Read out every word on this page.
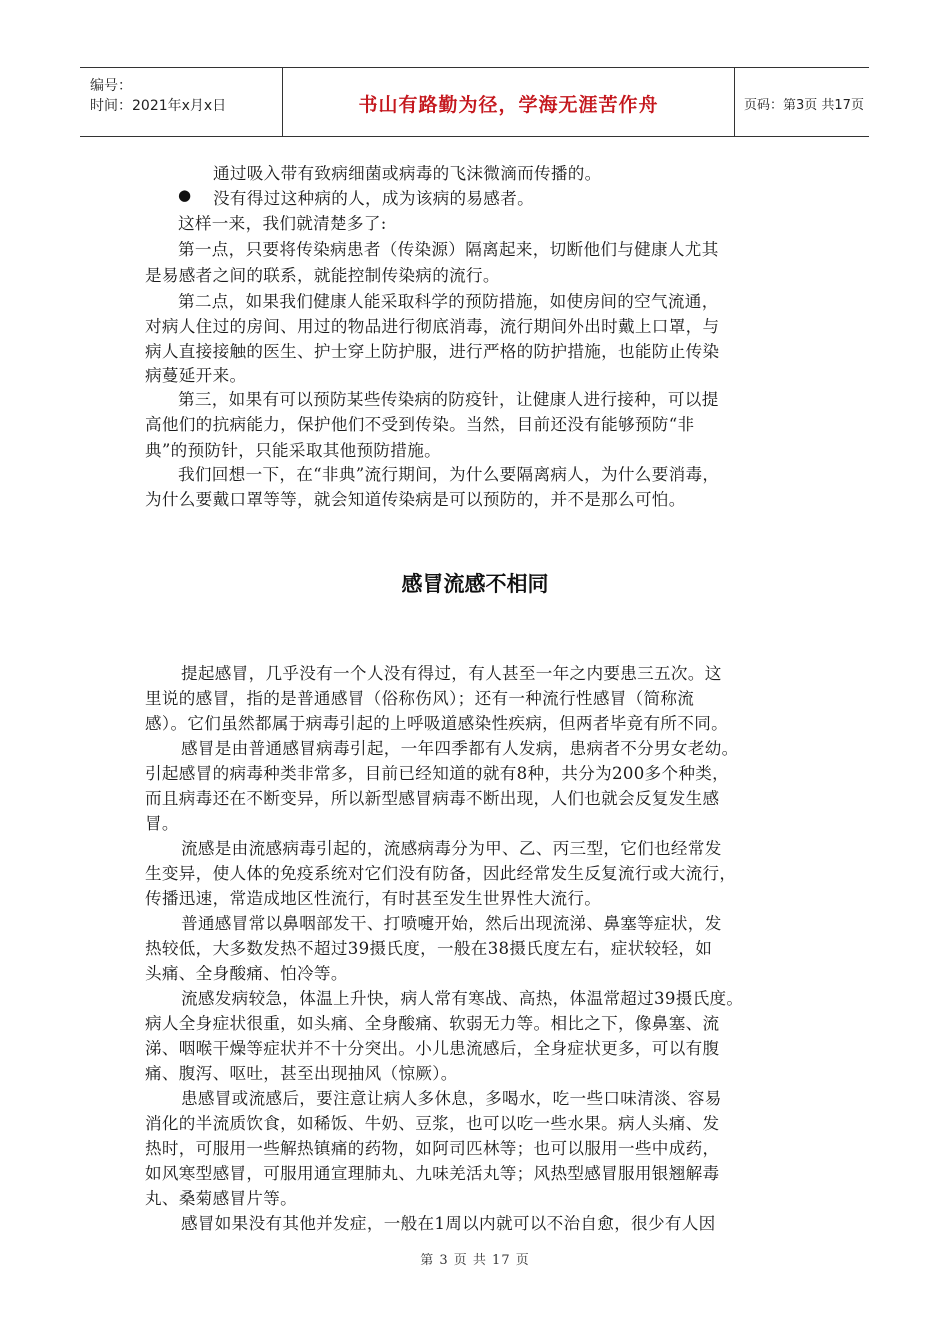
编号：
时间：2021年x月x日	书山有路勤为径，学海无涯苦作舟	页码：第3页 共17页
通过吸入带有致病细菌或病毒的飞沫微滴而传播的。
● 没有得过这种病的人，成为该病的易感者。
这样一来，我们就清楚多了:
第一点，只要将传染病患者（传染源）隔离起来，切断他们与健康人尤其
是易感者之间的联系，就能控制传染病的流行。
第二点，如果我们健康人能采取科学的预防措施，如使房间的空气流通，
对病人住过的房间、用过的物品进行彻底消毒，流行期间外出时戴上口罩，与
病人直接接触的医生、护士穿上防护服，进行严格的防护措施，也能防止传染
病蔓延开来。
第三，如果有可以预防某些传染病的防疫针，让健康人进行接种，可以提
高他们的抗病能力，保护他们不受到传染。当然，目前还没有能够预防“非
典”的预防针，只能采取其他预防措施。
我们回想一下，在“非典”流行期间，为什么要隔离病人，为什么要消毒，
为什么要戴口罩等等，就会知道传染病是可以预防的，并不是那么可怕。
感冒流感不相同
提起感冒，几乎没有一个人没有得过，有人甚至一年之内要患三五次。这
里说的感冒，指的是普通感冒（俗称伤风）；还有一种流行性感冒（简称流
感）。它们虽然都属于病毒引起的上呼吸道感染性疾病，但两者毕竟有所不同。
感冒是由普通感冒病毒引起，一年四季都有人发病，患病者不分男女老幼。
引起感冒的病毒种类非常多，目前已经知道的就有8种，共分为200多个种类，
而且病毒还在不断变异，所以新型感冒病毒不断出现，人们也就会反复发生感
冒。
流感是由流感病毒引起的，流感病毒分为甲、乙、丙三型，它们也经常发
生变异，使人体的免疫系统对它们没有防备，因此经常发生反复流行或大流行，
传播迅速，常造成地区性流行，有时甚至发生世界性大流行。
普通感冒常以鼻咽部发干、打喷嚏开始，然后出现流涕、鼻塞等症状，发
热较低，大多数发热不超过39摄氏度，一般在38摄氏度左右，症状较轻，如
头痛、全身酸痛、怕冷等。
流感发病较急，体温上升快，病人常有寒战、高热，体温常超过39摄氏度。
病人全身症状很重，如头痛、全身酸痛、软弱无力等。相比之下，像鼻塞、流
涕、咽喉干燥等症状并不十分突出。小儿患流感后，全身症状更多，可以有腹
痛、腹泻、呕吐，甚至出现抽风（惊厥）。
患感冒或流感后，要注意让病人多休息，多喝水，吃一些口味清淡、容易
消化的半流质饮食，如稀饭、牛奶、豆浆，也可以吃一些水果。病人头痛、发
热时，可服用一些解热镇痛的药物，如阿司匹林等；也可以服用一些中成药，
如风寒型感冒，可服用通宣理肺丸、九味羌活丸等；风热型感冒服用银翘解毒
丸、桑菊感冒片等。
感冒如果没有其他并发症，一般在1周以内就可以不治自愈，很少有人因
第 3 页 共 17 页
